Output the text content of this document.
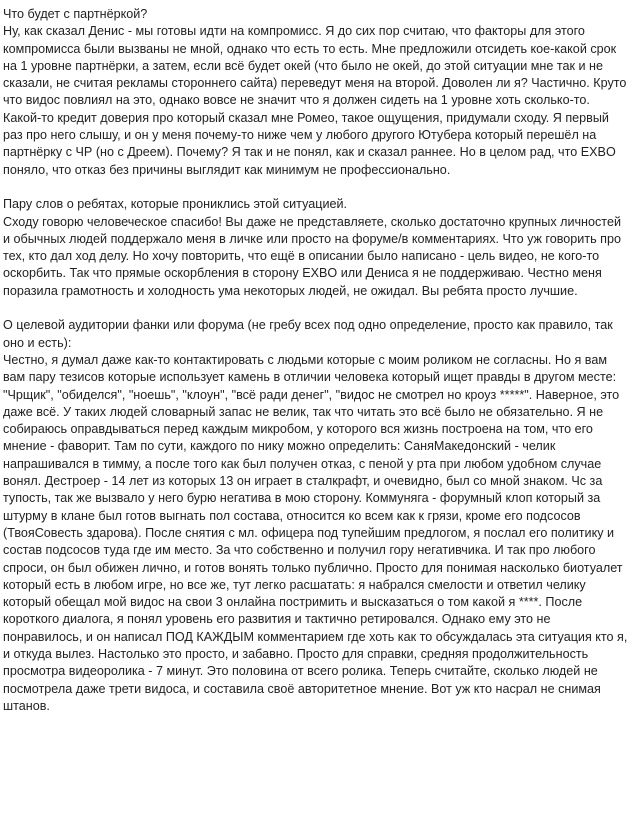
Что будет с партнёркой?
Ну, как сказал Денис - мы готовы идти на компромисс. Я до сих пор считаю, что факторы для этого компромисса были вызваны не мной, однако что есть то есть. Мне предложили отсидеть кое-какой срок на 1 уровне партнёрки, а затем, если всё будет окей (что было не окей, до этой ситуации мне так и не сказали, не считая рекламы стороннего сайта) переведут меня на второй. Доволен ли я? Частично. Круто что видос повлиял на это, однако вовсе не значит что я должен сидеть на 1 уровне хоть сколько-то. Какой-то кредит доверия про который сказал мне Ромео, такое ощущения, придумали сходу. Я первый раз про него слышу, и он у меня почему-то ниже чем у любого другого Ютубера который перешёл на партнёрку с ЧР (но с Дреем). Почему? Я так и не понял, как и сказал раннее. Но в целом рад, что EXBO поняло, что отказ без причины выглядит как минимум не профессионально.

Пару слов о ребятах, которые прониклись этой ситуацией.
Сходу говорю человеческое спасибо! Вы даже не представляете, сколько достаточно крупных личностей и обычных людей поддержало меня в личке или просто на форуме/в комментариях. Что уж говорить про тех, кто дал ход делу. Но хочу повторить, что ещё в описании было написано - цель видео, не кого-то оскорбить. Так что прямые оскорбления в сторону EXBO или Дениса я не поддерживаю. Честно меня поразила грамотность и холодность ума некоторых людей, не ожидал. Вы ребята просто лучшие.

О целевой аудитории фанки или форума (не гребу всех под одно определение, просто как правило, так оно и есть):
Честно, я думал даже как-то контактировать с людьми которые с моим роликом не согласны. Но я вам вам пару тезисов которые использует камень в отличии человека который ищет правды в другом месте: "Чрщик", "обиделся", "ноешь", "клоун", "всё ради денег", "видос не смотрел но кроуз *****". Наверное, это даже всё. У таких людей словарный запас не велик, так что читать это всё было не обязательно. Я не собираюсь оправдываться перед каждым микробом, у которого вся жизнь построена на том, что его мнение - фаворит. Там по сути, каждого по нику можно определить: СаняМакедонский - челик напрашивался в тимму, а после того как был получен отказ, с пеной у рта при любом удобном случае вонял. Дестроер - 14 лет из которых 13 он играет в сталкрафт, и очевидно, был со мной знаком. Чс за тупость, так же вызвало у него бурю негатива в мою сторону. Коммуняга - форумный клоп который за штурму в клане был готов выгнать пол состава, относится ко всем как к грязи, кроме его подсосов (ТвояСовесть здарова). После снятия с мл. офицера под тупейшим предлогом, я послал его политику и состав подсосов туда где им место. За что собственно и получил гору негативчика. И так про любого спроси, он был обижен лично, и готов вонять только публично. Просто для понимая насколько биотуалет который есть в любом игре, но все же, тут легко расшатать: я набрался смелости и ответил челику который обещал мой видос на свои 3 онлайна постримить и высказаться о том какой я ****. После короткого диалога, я понял уровень его развития и тактично ретировался. Однако ему это не понравилось, и он написал ПОД КАЖДЫМ комментарием где хоть как то обсуждалась эта ситуация кто я, и откуда вылез. Настолько это просто, и забавно. Просто для справки, средняя продолжительность просмотра видеоролика - 7 минут. Это половина от всего ролика. Теперь считайте, сколько людей не посмотрела даже трети видоса, и составила своё авторитетное мнение. Вот уж кто насрал не снимая штанов.
